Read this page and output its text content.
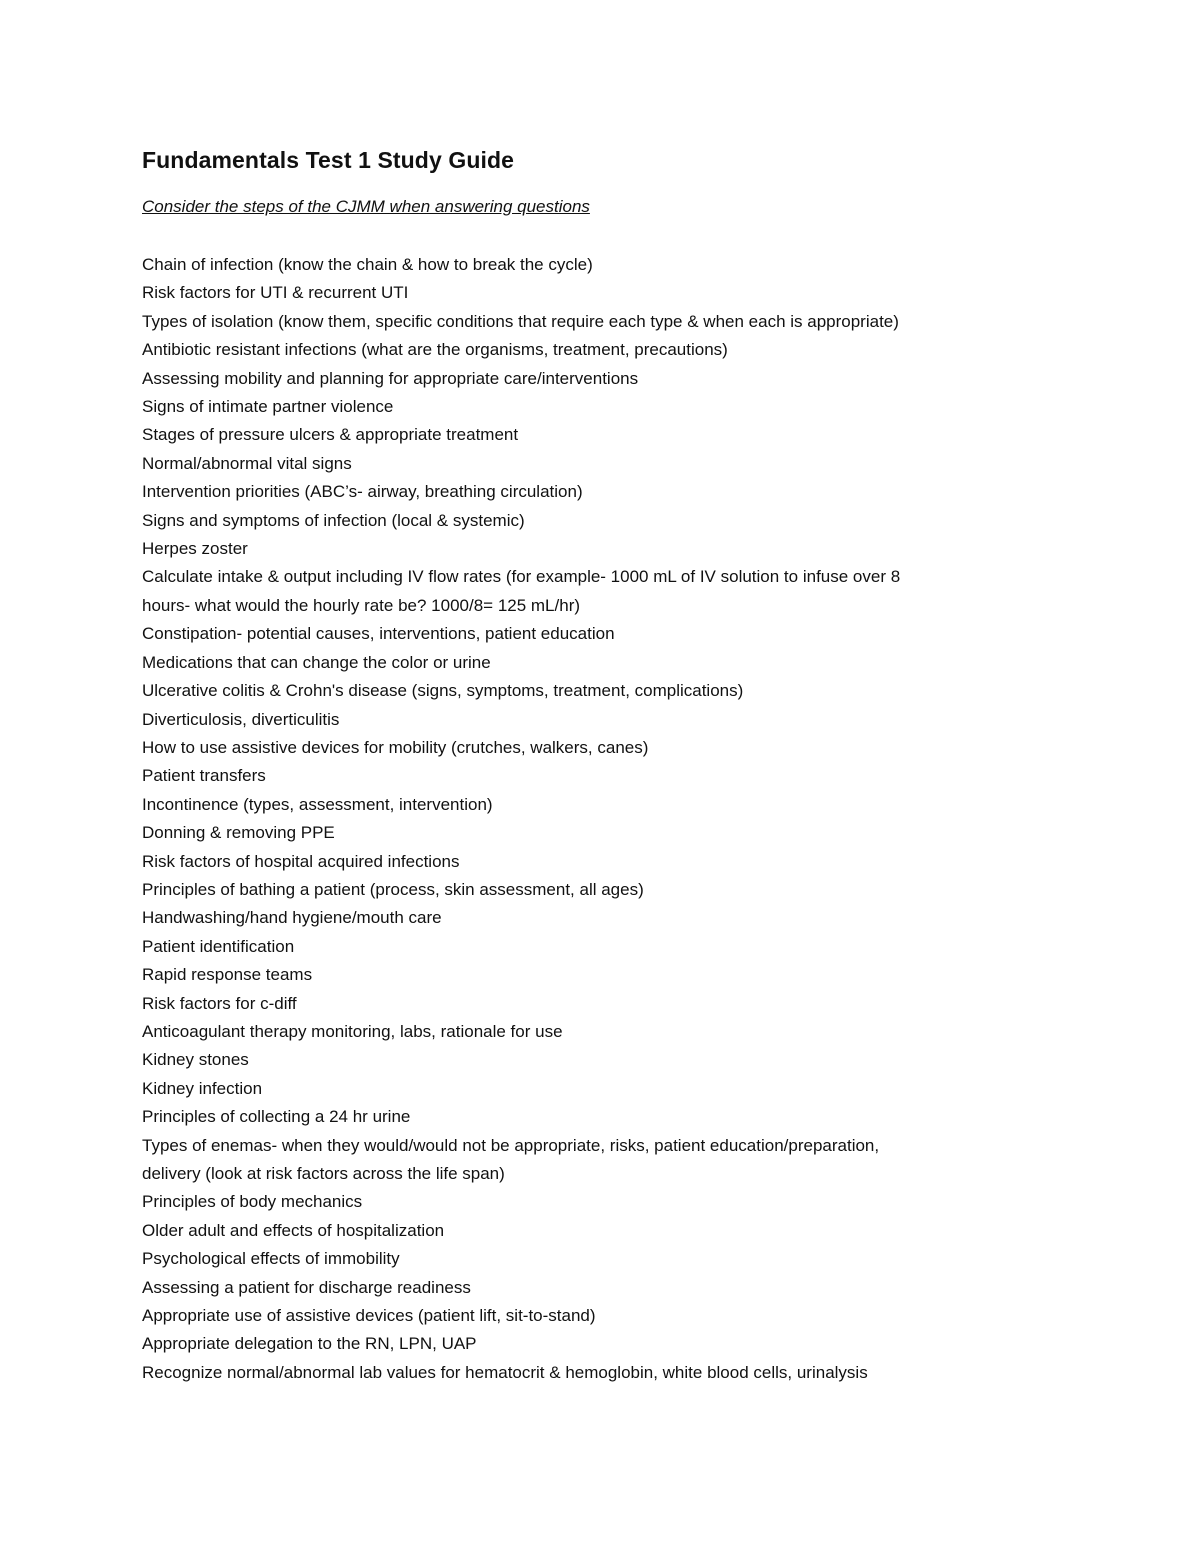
Fundamentals Test 1 Study Guide
Consider the steps of the CJMM when answering questions
Chain of infection (know the chain & how to break the cycle)
Risk factors for UTI & recurrent UTI
Types of isolation (know them, specific conditions that require each type & when each is appropriate)
Antibiotic resistant infections (what are the organisms, treatment, precautions)
Assessing mobility and planning for appropriate care/interventions
Signs of intimate partner violence
Stages of pressure ulcers & appropriate treatment
Normal/abnormal vital signs
Intervention priorities (ABC’s- airway, breathing circulation)
Signs and symptoms of infection (local & systemic)
Herpes zoster
Calculate intake & output including IV flow rates (for example- 1000 mL of IV solution to infuse over 8
hours- what would the hourly rate be? 1000/8= 125 mL/hr)
Constipation- potential causes, interventions, patient education
Medications that can change the color or urine
Ulcerative colitis & Crohn's disease (signs, symptoms, treatment, complications)
Diverticulosis, diverticulitis
How to use assistive devices for mobility (crutches, walkers, canes)
Patient transfers
Incontinence (types, assessment, intervention)
Donning & removing PPE
Risk factors of hospital acquired infections
Principles of bathing a patient (process, skin assessment, all ages)
Handwashing/hand hygiene/mouth care
Patient identification
Rapid response teams
Risk factors for c-diff
Anticoagulant therapy monitoring, labs, rationale for use
Kidney stones
Kidney infection
Principles of collecting a 24 hr urine
Types of enemas- when they would/would not be appropriate, risks, patient education/preparation,
delivery (look at risk factors across the life span)
Principles of body mechanics
Older adult and effects of hospitalization
Psychological effects of immobility
Assessing a patient for discharge readiness
Appropriate use of assistive devices (patient lift, sit-to-stand)
Appropriate delegation to the RN, LPN, UAP
Recognize normal/abnormal lab values for hematocrit & hemoglobin, white blood cells, urinalysis
